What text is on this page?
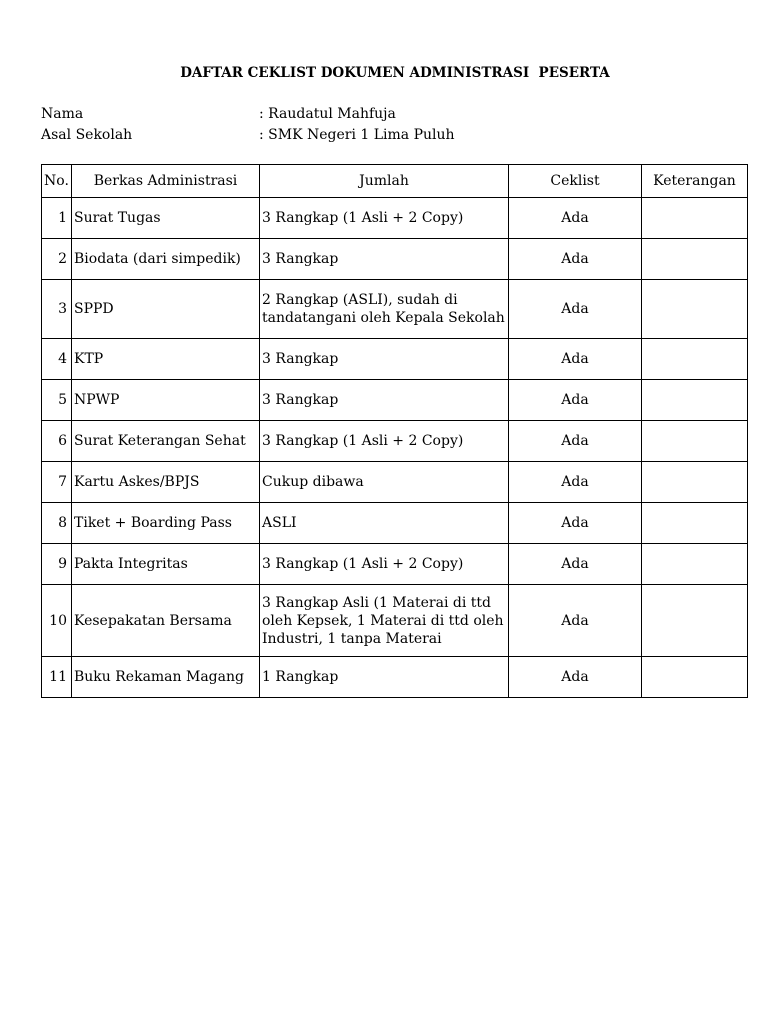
DAFTAR CEKLIST DOKUMEN ADMINISTRASI  PESERTA
Nama	: Raudatul Mahfuja
Asal Sekolah	: SMK Negeri 1 Lima Puluh
No.	Berkas Administrasi	Jumlah	Ceklist	Keterangan
1	Surat Tugas	3 Rangkap (1 Asli + 2 Copy)	Ada	
2	Biodata (dari simpedik)	3 Rangkap	Ada	
3	SPPD	2 Rangkap (ASLI), sudah di tandatangani oleh Kepala Sekolah	Ada	
4	KTP	3 Rangkap	Ada	
5	NPWP	3 Rangkap	Ada	
6	Surat Keterangan Sehat	3 Rangkap (1 Asli + 2 Copy)	Ada	
7	Kartu Askes/BPJS	Cukup dibawa	Ada	
8	Tiket + Boarding Pass	ASLI	Ada	
9	Pakta Integritas	3 Rangkap (1 Asli + 2 Copy)	Ada	
10	Kesepakatan Bersama	3 Rangkap Asli (1 Materai di ttd oleh Kepsek, 1 Materai di ttd oleh Industri, 1 tanpa Materai	Ada	
11	Buku Rekaman Magang	1 Rangkap	Ada	
